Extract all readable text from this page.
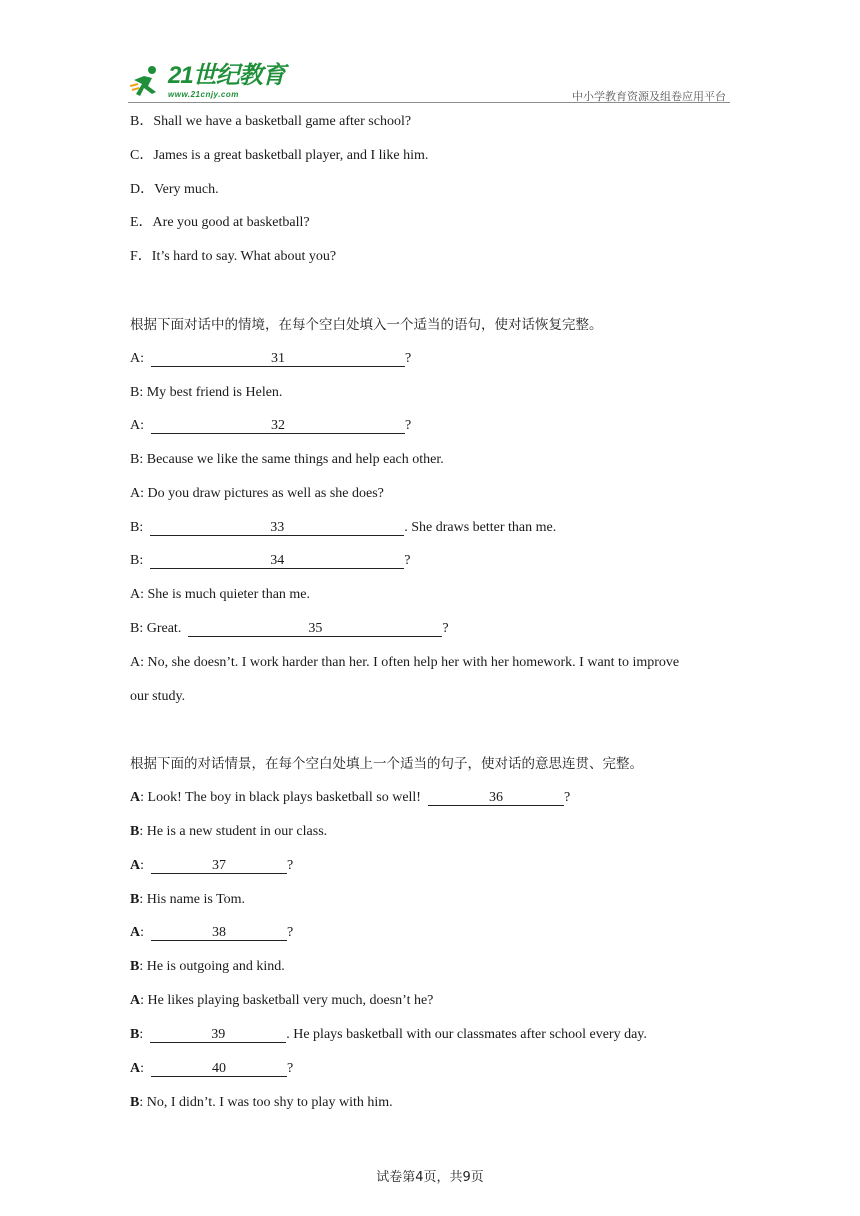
21世纪教育
www.21cnjy.com	中小学教育资源及组卷应用平台
B．Shall we have a basketball game after school?
C．James is a great basketball player, and I like him.
D．Very much.
E．Are you good at basketball?
F．It’s hard to say. What about you?
根据下面对话中的情境，在每个空白处填入一个适当的语句，使对话恢复完整。
A:	31	?
B: My best friend is Helen.
A:	32	?
B: Because we like the same things and help each other.
A: Do you draw pictures as well as she does?
B:	33	. She draws better than me.
B:	34	?
A: She is much quieter than me.
B: Great.	35	?
A: No, she doesn’t. I work harder than her. I often help her with her homework. I want to improve
our study.
根据下面的对话情景，在每个空白处填上一个适当的句子，使对话的意思连贯、完整。
A: Look! The boy in black plays basketball so well!	36	?
B: He is a new student in our class.
A:	37	?
B: His name is Tom.
A:	38	?
B: He is outgoing and kind.
A: He likes playing basketball very much, doesn’t he?
B:	39	. He plays basketball with our classmates after school every day.
A:	40	?
B: No, I didn’t. I was too shy to play with him.
试卷第4页，共9页
